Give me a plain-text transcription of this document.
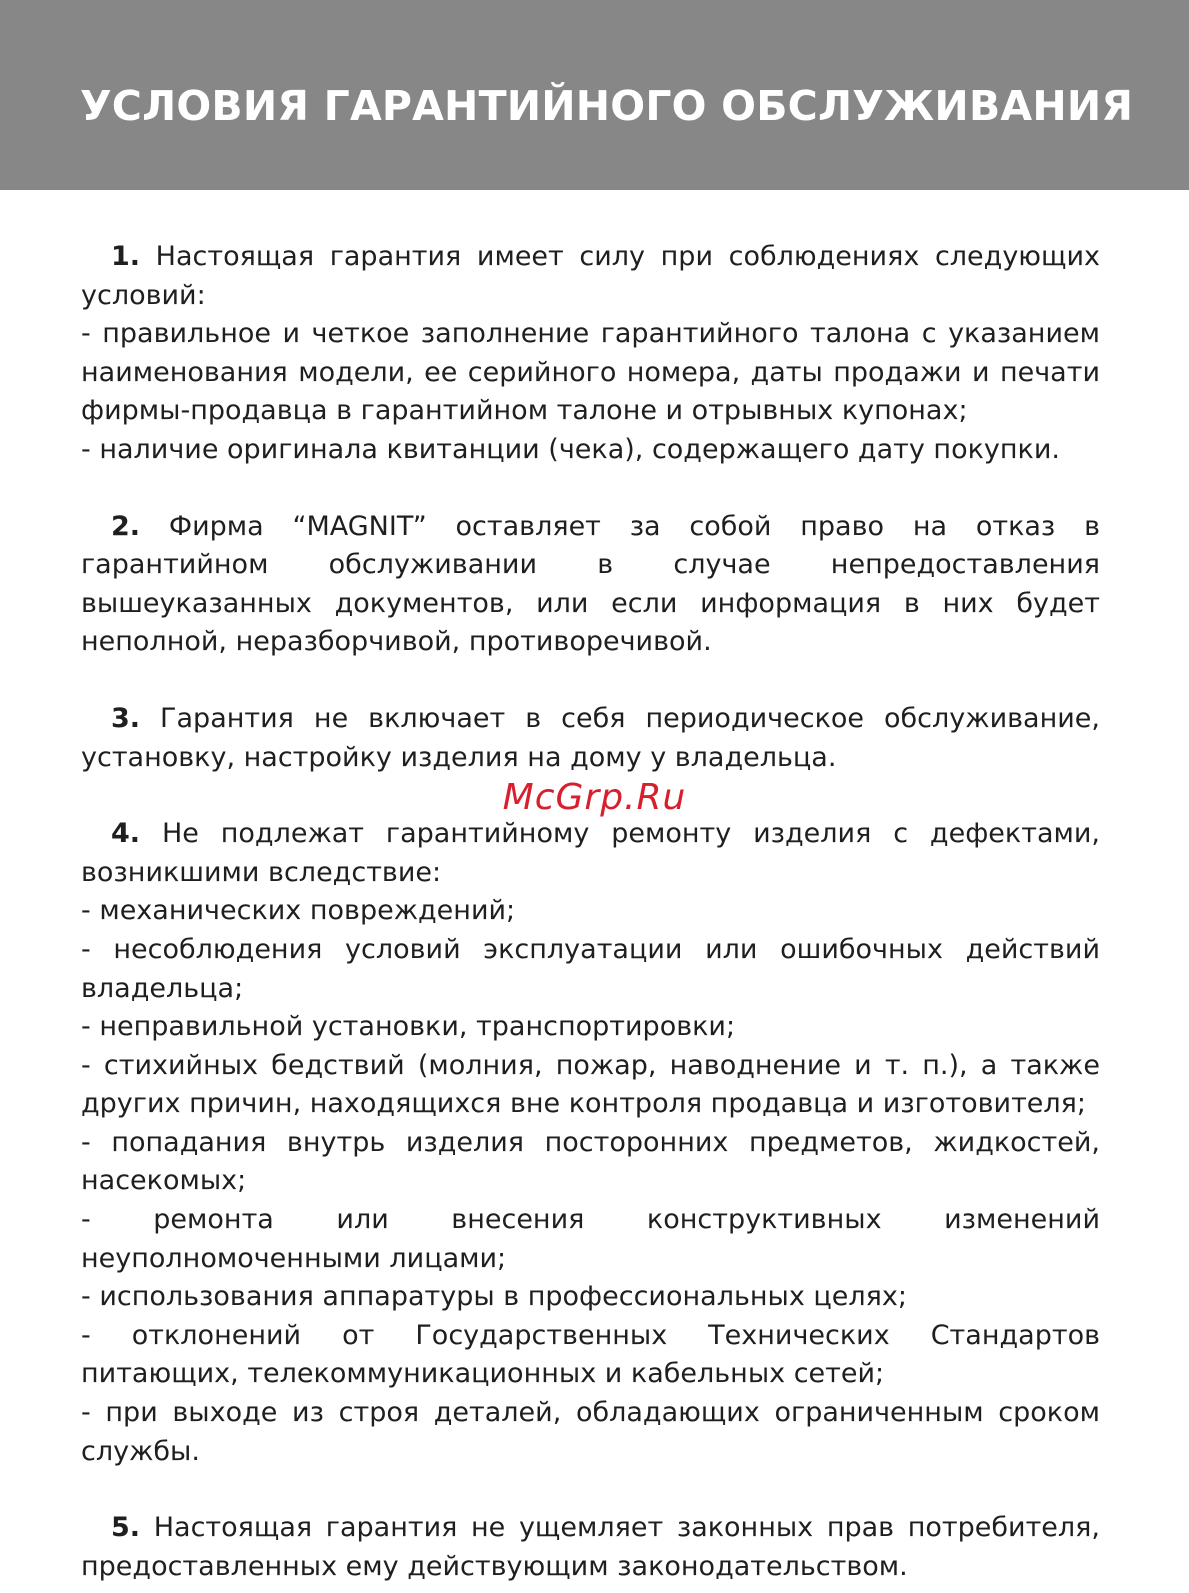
УСЛОВИЯ ГАРАНТИЙНОГО ОБСЛУЖИВАНИЯ

1. Настоящая гарантия имеет силу при соблюдениях следующих условий:

- правильное и четкое заполнение гарантийного талона с указанием наименования модели, ее серийного номера, даты продажи и печати фирмы-продавца в гарантийном талоне и отрывных купонах;

- наличие оригинала квитанции (чека), содержащего дату покупки.

2. Фирма “MAGNIT” оставляет за собой право на отказ в гарантийном обслуживании в случае непредоставления вышеуказанных документов, или если информация в них будет неполной, неразборчивой, противоречивой.

3. Гарантия не включает в себя периодическое обслуживание, установку, настройку изделия на дому у владельца.

4. Не подлежат гарантийному ремонту изделия с дефектами, возникшими вследствие:

- механических повреждений;

- несоблюдения условий эксплуатации или ошибочных действий владельца;

- неправильной установки, транспортировки;

- стихийных бедствий (молния, пожар, наводнение и т. п.), а также других причин, находящихся вне контроля продавца и изготовителя;

- попадания внутрь изделия посторонних предметов, жидкостей, насекомых;

- ремонта или внесения конструктивных изменений неуполномоченными лицами;

- использования аппаратуры в профессиональных целях;

- отклонений от Государственных Технических Стандартов питающих, телекоммуникационных и кабельных сетей;

- при выходе из строя деталей, обладающих ограниченным сроком службы.

5. Настоящая гарантия не ущемляет законных прав потребителя, предоставленных ему действующим законодательством.

McGrp.Ru
